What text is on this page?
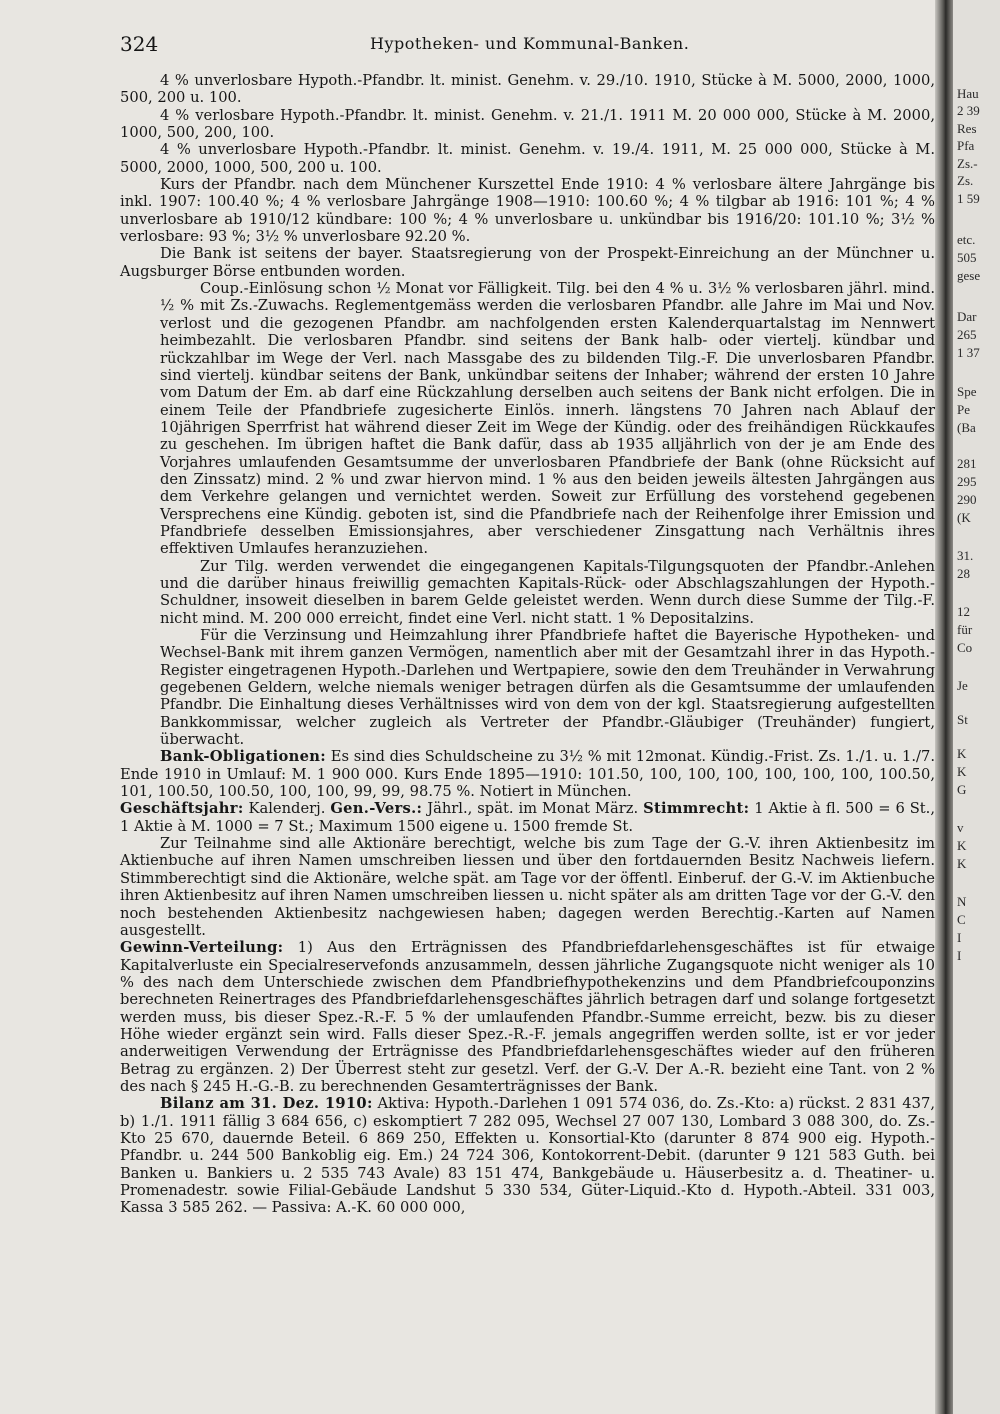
324	Hypotheken- und Kommunal-Banken.

4 % unverlosbare Hypoth.-Pfandbr. lt. minist. Genehm. v. 29./10. 1910, Stücke à M. 5000, 2000, 1000, 500, 200 u. 100.

4 % verlosbare Hypoth.-Pfandbr. lt. minist. Genehm. v. 21./1. 1911 M. 20 000 000, Stücke à M. 2000, 1000, 500, 200, 100.

4 % unverlosbare Hypoth.-Pfandbr. lt. minist. Genehm. v. 19./4. 1911, M. 25 000 000, Stücke à M. 5000, 2000, 1000, 500, 200 u. 100.

Kurs der Pfandbr. nach dem Münchener Kurszettel Ende 1910: 4 % verlosbare ältere Jahrgänge bis inkl. 1907: 100.40 %; 4 % verlosbare Jahrgänge 1908—1910: 100.60 %; 4 % tilgbar ab 1916: 101 %; 4 % unverlosbare ab 1910/12 kündbare: 100 %; 4 % unverlosbare u. unkündbar bis 1916/20: 101.10 %; 3½ % verlosbare: 93 %; 3½ % unverlosbare 92.20 %.

Die Bank ist seitens der bayer. Staatsregierung von der Prospekt-Einreichung an der Münchner u. Augsburger Börse entbunden worden.

Coup.-Einlösung schon ½ Monat vor Fälligkeit. Tilg. bei den 4 % u. 3½ % verlosbaren jährl. mind. ½ % mit Zs.-Zuwachs. Reglementgemäss werden die verlosbaren Pfandbr. alle Jahre im Mai und Nov. verlost und die gezogenen Pfandbr. am nachfolgenden ersten Kalenderquartalstag im Nennwert heimbezahlt. Die verlosbaren Pfandbr. sind seitens der Bank halb- oder viertelj. kündbar und rückzahlbar im Wege der Verl. nach Massgabe des zu bildenden Tilg.-F. Die unverlosbaren Pfandbr. sind viertelj. kündbar seitens der Bank, unkündbar seitens der Inhaber; während der ersten 10 Jahre vom Datum der Em. ab darf eine Rückzahlung derselben auch seitens der Bank nicht erfolgen. Die in einem Teile der Pfandbriefe zugesicherte Einlös. innerh. längstens 70 Jahren nach Ablauf der 10jährigen Sperrfrist hat während dieser Zeit im Wege der Kündig. oder des freihändigen Rückkaufes zu geschehen. Im übrigen haftet die Bank dafür, dass ab 1935 alljährlich von der je am Ende des Vorjahres umlaufenden Gesamtsumme der unverlosbaren Pfandbriefe der Bank (ohne Rücksicht auf den Zinssatz) mind. 2 % und zwar hiervon mind. 1 % aus den beiden jeweils ältesten Jahrgängen aus dem Verkehre gelangen und vernichtet werden. Soweit zur Erfüllung des vorstehend gegebenen Versprechens eine Kündig. geboten ist, sind die Pfandbriefe nach der Reihenfolge ihrer Emission und Pfandbriefe desselben Emissionsjahres, aber verschiedener Zinsgattung nach Verhältnis ihres effektiven Umlaufes heranzuziehen.

Zur Tilg. werden verwendet die eingegangenen Kapitals-Tilgungsquoten der Pfandbr.-Anlehen und die darüber hinaus freiwillig gemachten Kapitals-Rück- oder Abschlagszahlungen der Hypoth.-Schuldner, insoweit dieselben in barem Gelde geleistet werden. Wenn durch diese Summe der Tilg.-F. nicht mind. M. 200 000 erreicht, findet eine Verl. nicht statt. 1 % Depositalzins.

Für die Verzinsung und Heimzahlung ihrer Pfandbriefe haftet die Bayerische Hypotheken- und Wechsel-Bank mit ihrem ganzen Vermögen, namentlich aber mit der Gesamtzahl ihrer in das Hypoth.-Register eingetragenen Hypoth.-Darlehen und Wertpapiere, sowie den dem Treuhänder in Verwahrung gegebenen Geldern, welche niemals weniger betragen dürfen als die Gesamtsumme der umlaufenden Pfandbr. Die Einhaltung dieses Verhältnisses wird von dem von der kgl. Staatsregierung aufgestellten Bankkommissar, welcher zugleich als Vertreter der Pfandbr.-Gläubiger (Treuhänder) fungiert, überwacht.

Bank-Obligationen: Es sind dies Schuldscheine zu 3½ % mit 12monat. Kündig.-Frist. Zs. 1./1. u. 1./7. Ende 1910 in Umlauf: M. 1 900 000. Kurs Ende 1895—1910: 101.50, 100, 100, 100, 100, 100, 100, 100.50, 101, 100.50, 100.50, 100, 100, 99, 99, 98.75 %. Notiert in München.

Geschäftsjahr: Kalenderj. Gen.-Vers.: Jährl., spät. im Monat März. Stimmrecht: 1 Aktie à fl. 500 = 6 St., 1 Aktie à M. 1000 = 7 St.; Maximum 1500 eigene u. 1500 fremde St.

Zur Teilnahme sind alle Aktionäre berechtigt, welche bis zum Tage der G.-V. ihren Aktienbesitz im Aktienbuche auf ihren Namen umschreiben liessen und über den fortdauernden Besitz Nachweis liefern. Stimmberechtigt sind die Aktionäre, welche spät. am Tage vor der öffentl. Einberuf. der G.-V. im Aktienbuche ihren Aktienbesitz auf ihren Namen umschreiben liessen u. nicht später als am dritten Tage vor der G.-V. den noch bestehenden Aktienbesitz nachgewiesen haben; dagegen werden Berechtig.-Karten auf Namen ausgestellt.

Gewinn-Verteilung: 1) Aus den Erträgnissen des Pfandbriefdarlehensgeschäftes ist für etwaige Kapitalverluste ein Specialreservefonds anzusammeln, dessen jährliche Zugangsquote nicht weniger als 10 % des nach dem Unterschiede zwischen dem Pfandbriefhypothekenzins und dem Pfandbriefcouponzins berechneten Reinertrages des Pfandbriefdarlehensgeschäftes jährlich betragen darf und solange fortgesetzt werden muss, bis dieser Spez.-R.-F. 5 % der umlaufenden Pfandbr.-Summe erreicht, bezw. bis zu dieser Höhe wieder ergänzt sein wird. Falls dieser Spez.-R.-F. jemals angegriffen werden sollte, ist er vor jeder anderweitigen Verwendung der Erträgnisse des Pfandbriefdarlehensgeschäftes wieder auf den früheren Betrag zu ergänzen. 2) Der Überrest steht zur gesetzl. Verf. der G.-V. Der A.-R. bezieht eine Tant. von 2 % des nach § 245 H.-G.-B. zu berechnenden Gesamterträgnisses der Bank.

Bilanz am 31. Dez. 1910: Aktiva: Hypoth.-Darlehen 1 091 574 036, do. Zs.-Kto: a) rückst. 2 831 437, b) 1./1. 1911 fällig 3 684 656, c) eskomptiert 7 282 095, Wechsel 27 007 130, Lombard 3 088 300, do. Zs.-Kto 25 670, dauernde Beteil. 6 869 250, Effekten u. Konsortial-Kto (darunter 8 874 900 eig. Hypoth.-Pfandbr. u. 244 500 Bankoblig eig. Em.) 24 724 306, Kontokorrent-Debit. (darunter 9 121 583 Guth. bei Banken u. Bankiers u. 2 535 743 Avale) 83 151 474, Bankgebäude u. Häuserbesitz a. d. Theatiner- u. Promenadestr. sowie Filial-Gebäude Landshut 5 330 534, Güter-Liquid.-Kto d. Hypoth.-Abteil. 331 003, Kassa 3 585 262. — Passiva: A.-K. 60 000 000,

Hau
2 39
Res
Pfa
Zs.-
Zs.
1 59
etc.
505
gese
Dar
265
1 37
Spe
Pe
(Ba
281
295
290
(K
31.
28
12
für
Co
Je
St
K
K
G
v
K
K
N
C
I
I
